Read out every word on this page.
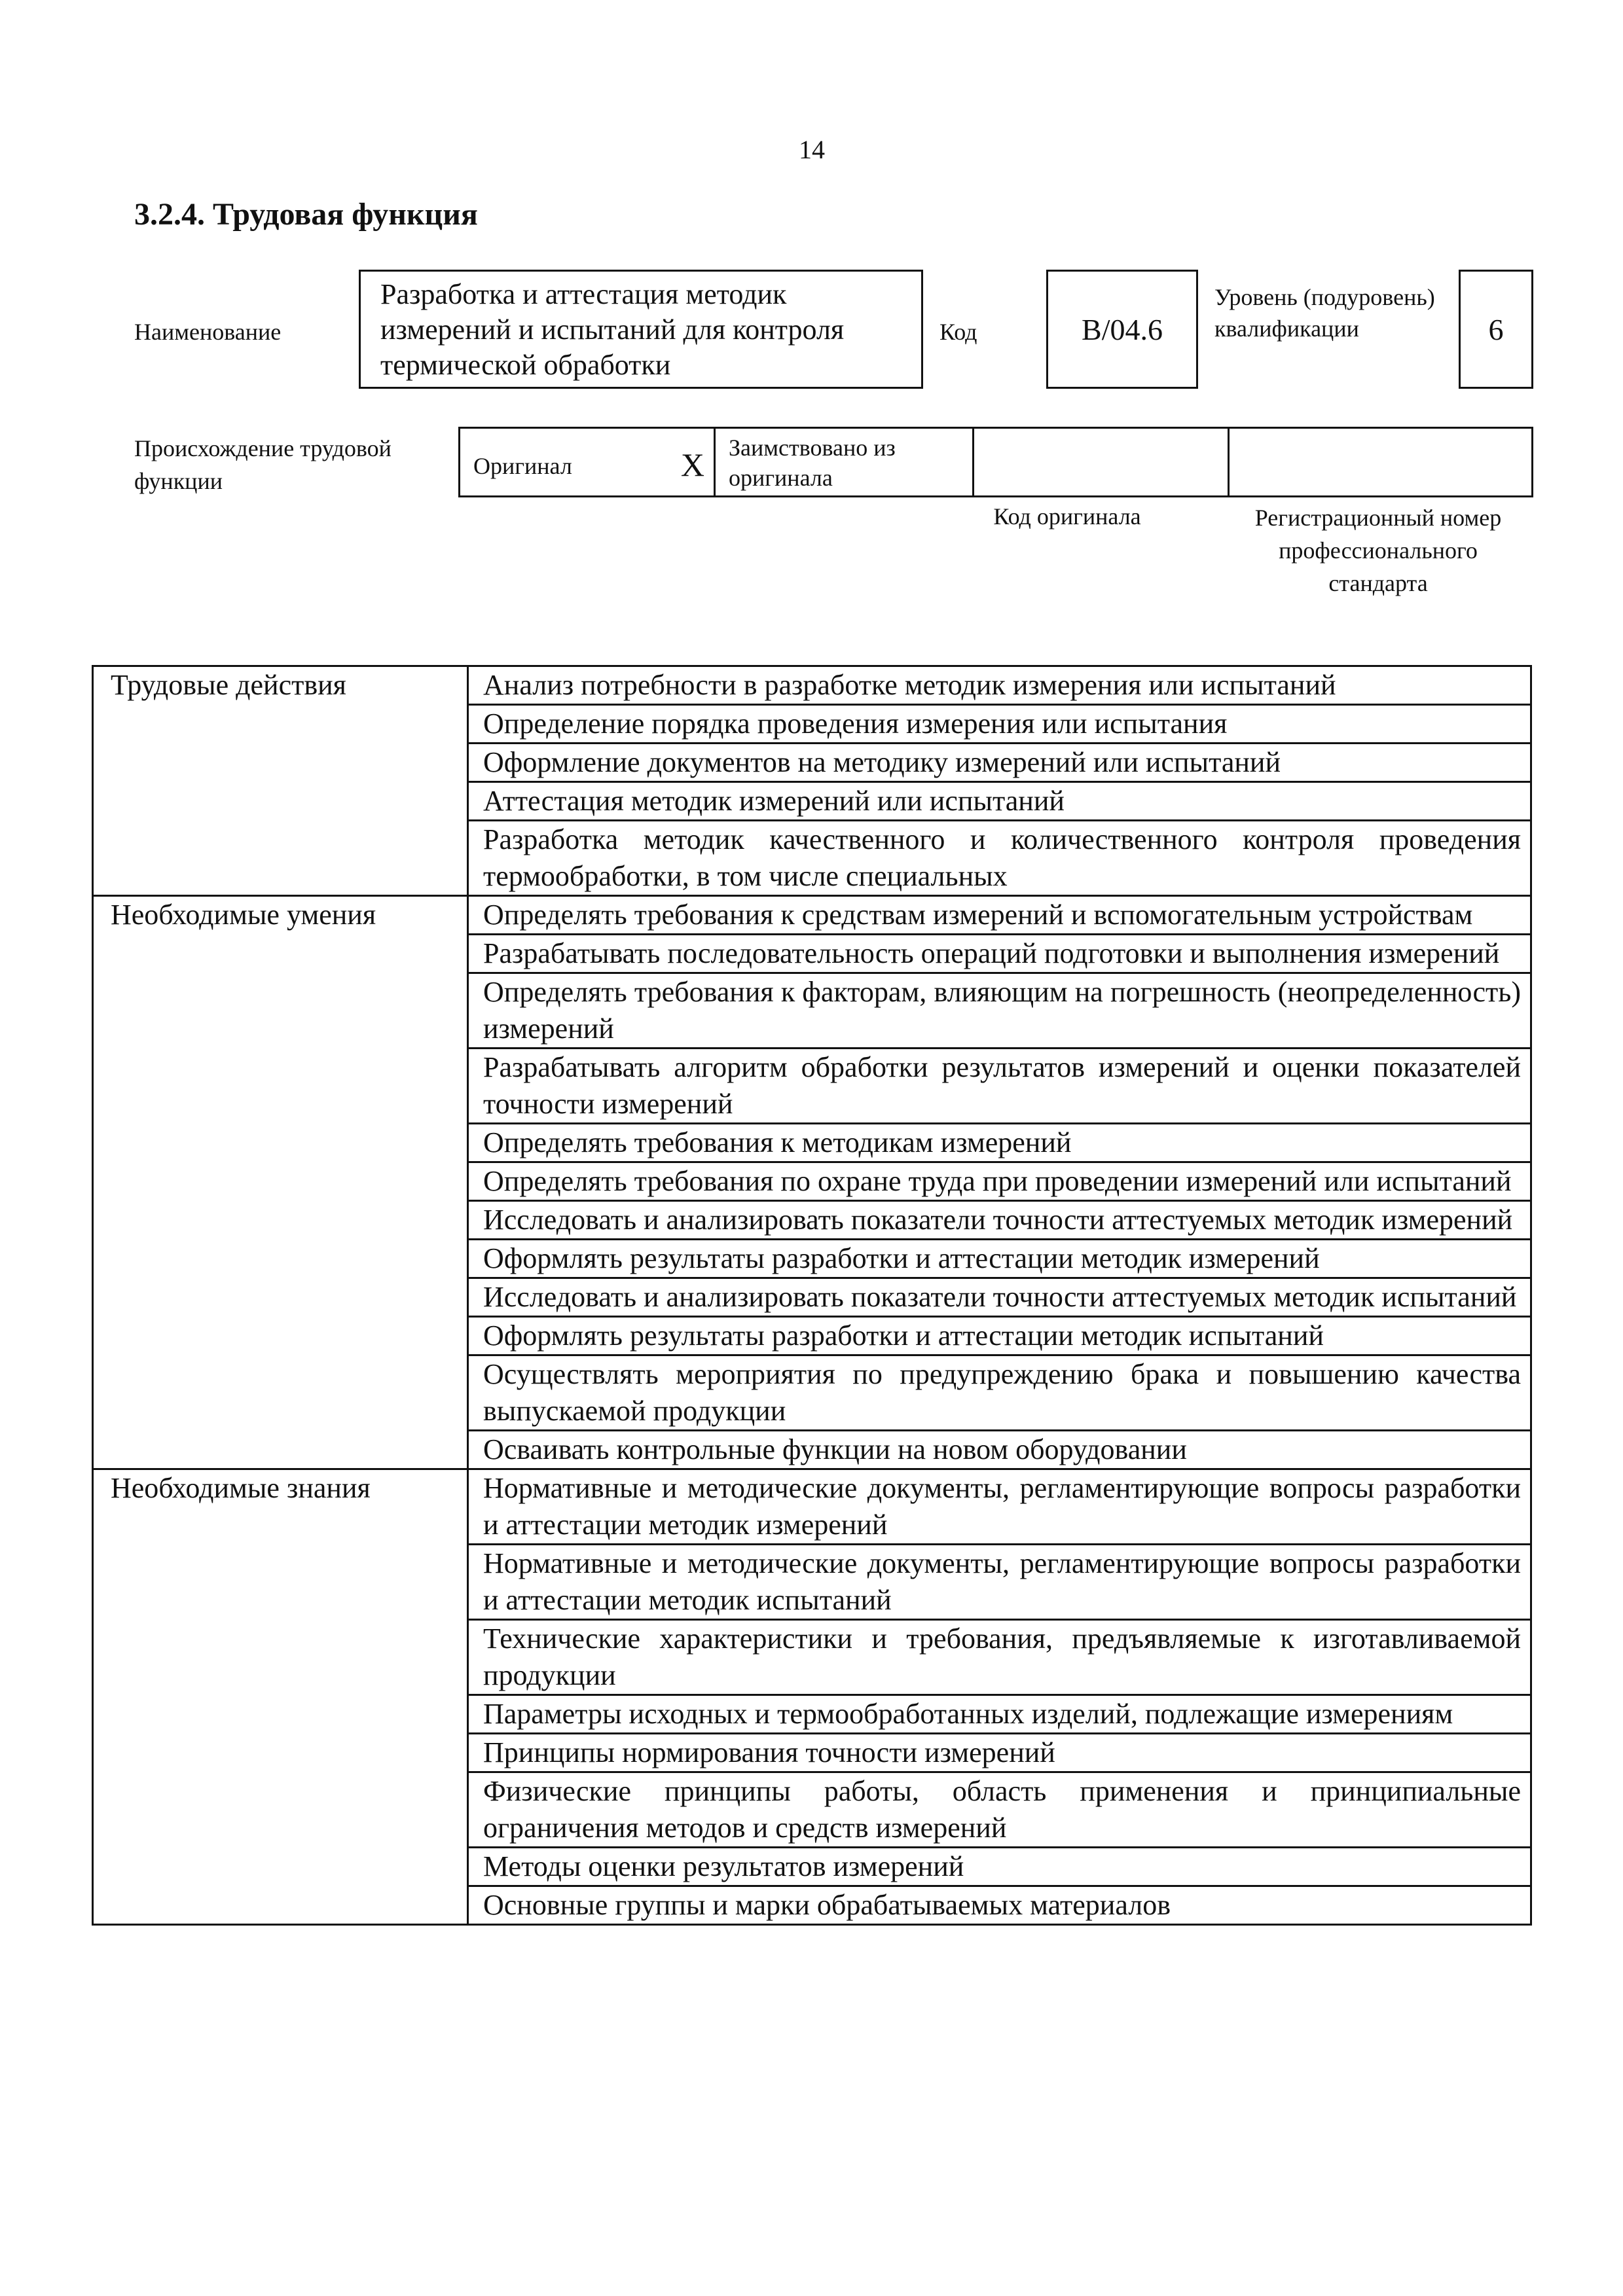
14
3.2.4. Трудовая функция
Наименование
Разработка и аттестация методик измерений и испытаний для контроля термической обработки
Код	B/04.6
Уровень (подуровень) квалификации	6
Происхождение трудовой функции
Оригинал	X	Заимствовано из оригинала
Код оригинала	Регистрационный номер профессионального стандарта
Трудовые действия	Анализ потребности в разработке методик измерения или испытаний
	Определение порядка проведения измерения или испытания
	Оформление документов на методику измерений или испытаний
	Аттестация методик измерений или испытаний
	Разработка методик качественного и количественного контроля проведения термообработки, в том числе специальных
Необходимые умения	Определять требования к средствам измерений и вспомогательным устройствам
	Разрабатывать последовательность операций подготовки и выполнения измерений
	Определять требования к факторам, влияющим на погрешность (неопределенность) измерений
	Разрабатывать алгоритм обработки результатов измерений и оценки показателей точности измерений
	Определять требования к методикам измерений
	Определять требования по охране труда при проведении измерений или испытаний
	Исследовать и анализировать показатели точности аттестуемых методик измерений
	Оформлять результаты разработки и аттестации методик измерений
	Исследовать и анализировать показатели точности аттестуемых методик испытаний
	Оформлять результаты разработки и аттестации методик испытаний
	Осуществлять мероприятия по предупреждению брака и повышению качества выпускаемой продукции
	Осваивать контрольные функции на новом оборудовании
Необходимые знания	Нормативные и методические документы, регламентирующие вопросы разработки и аттестации методик измерений
	Нормативные и методические документы, регламентирующие вопросы разработки и аттестации методик испытаний
	Технические характеристики и требования, предъявляемые к изготавливаемой продукции
	Параметры исходных и термообработанных изделий, подлежащие измерениям
	Принципы нормирования точности измерений
	Физические принципы работы, область применения и принципиальные ограничения методов и средств измерений
	Методы оценки результатов измерений
	Основные группы и марки обрабатываемых материалов
